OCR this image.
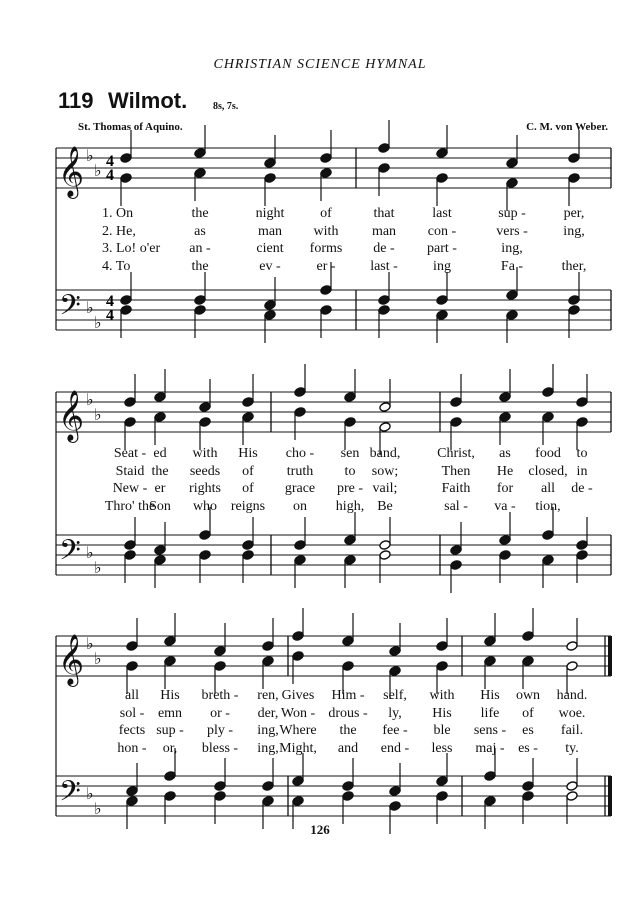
CHRISTIAN SCIENCE HYMNAL
119 Wilmot.	8s, 7s.
St. Thomas of Aquino.	C. M. von Weber.
𝄞
𝄢
♭
♭
♭
♭
𝄞
𝄢
♭
♭
♭
♭
𝄞
𝄢
♭
♭
♭
♭
4
4
4
4
1. On	the	night	of	that	last	sup -	per,
2. He,	as	man with man con -	vers -	ing,
3. Lo! o'er an -	cient forms de - part -	ing,
4. To	the	ev -	er - last -	ing	Fa -	ther,
Seat - ed with His cho - sen band,	Christ, as food to
Staid the seeds of truth to sow;	Then He closed, in
New - er rights of grace pre - vail;	Faith for all de -
Thro' the
Son who reigns on high, Be	sal - va - tion,
all His breth - ren, Gives Him - self, with His own hand.
sol - emn or - der, Won - drous - ly, His life of woe.
fects sup - ply - ing, Where the fee - ble sens - es fail.
hon - or, bless - ing, Might, and end - less maj - es - ty.
126
